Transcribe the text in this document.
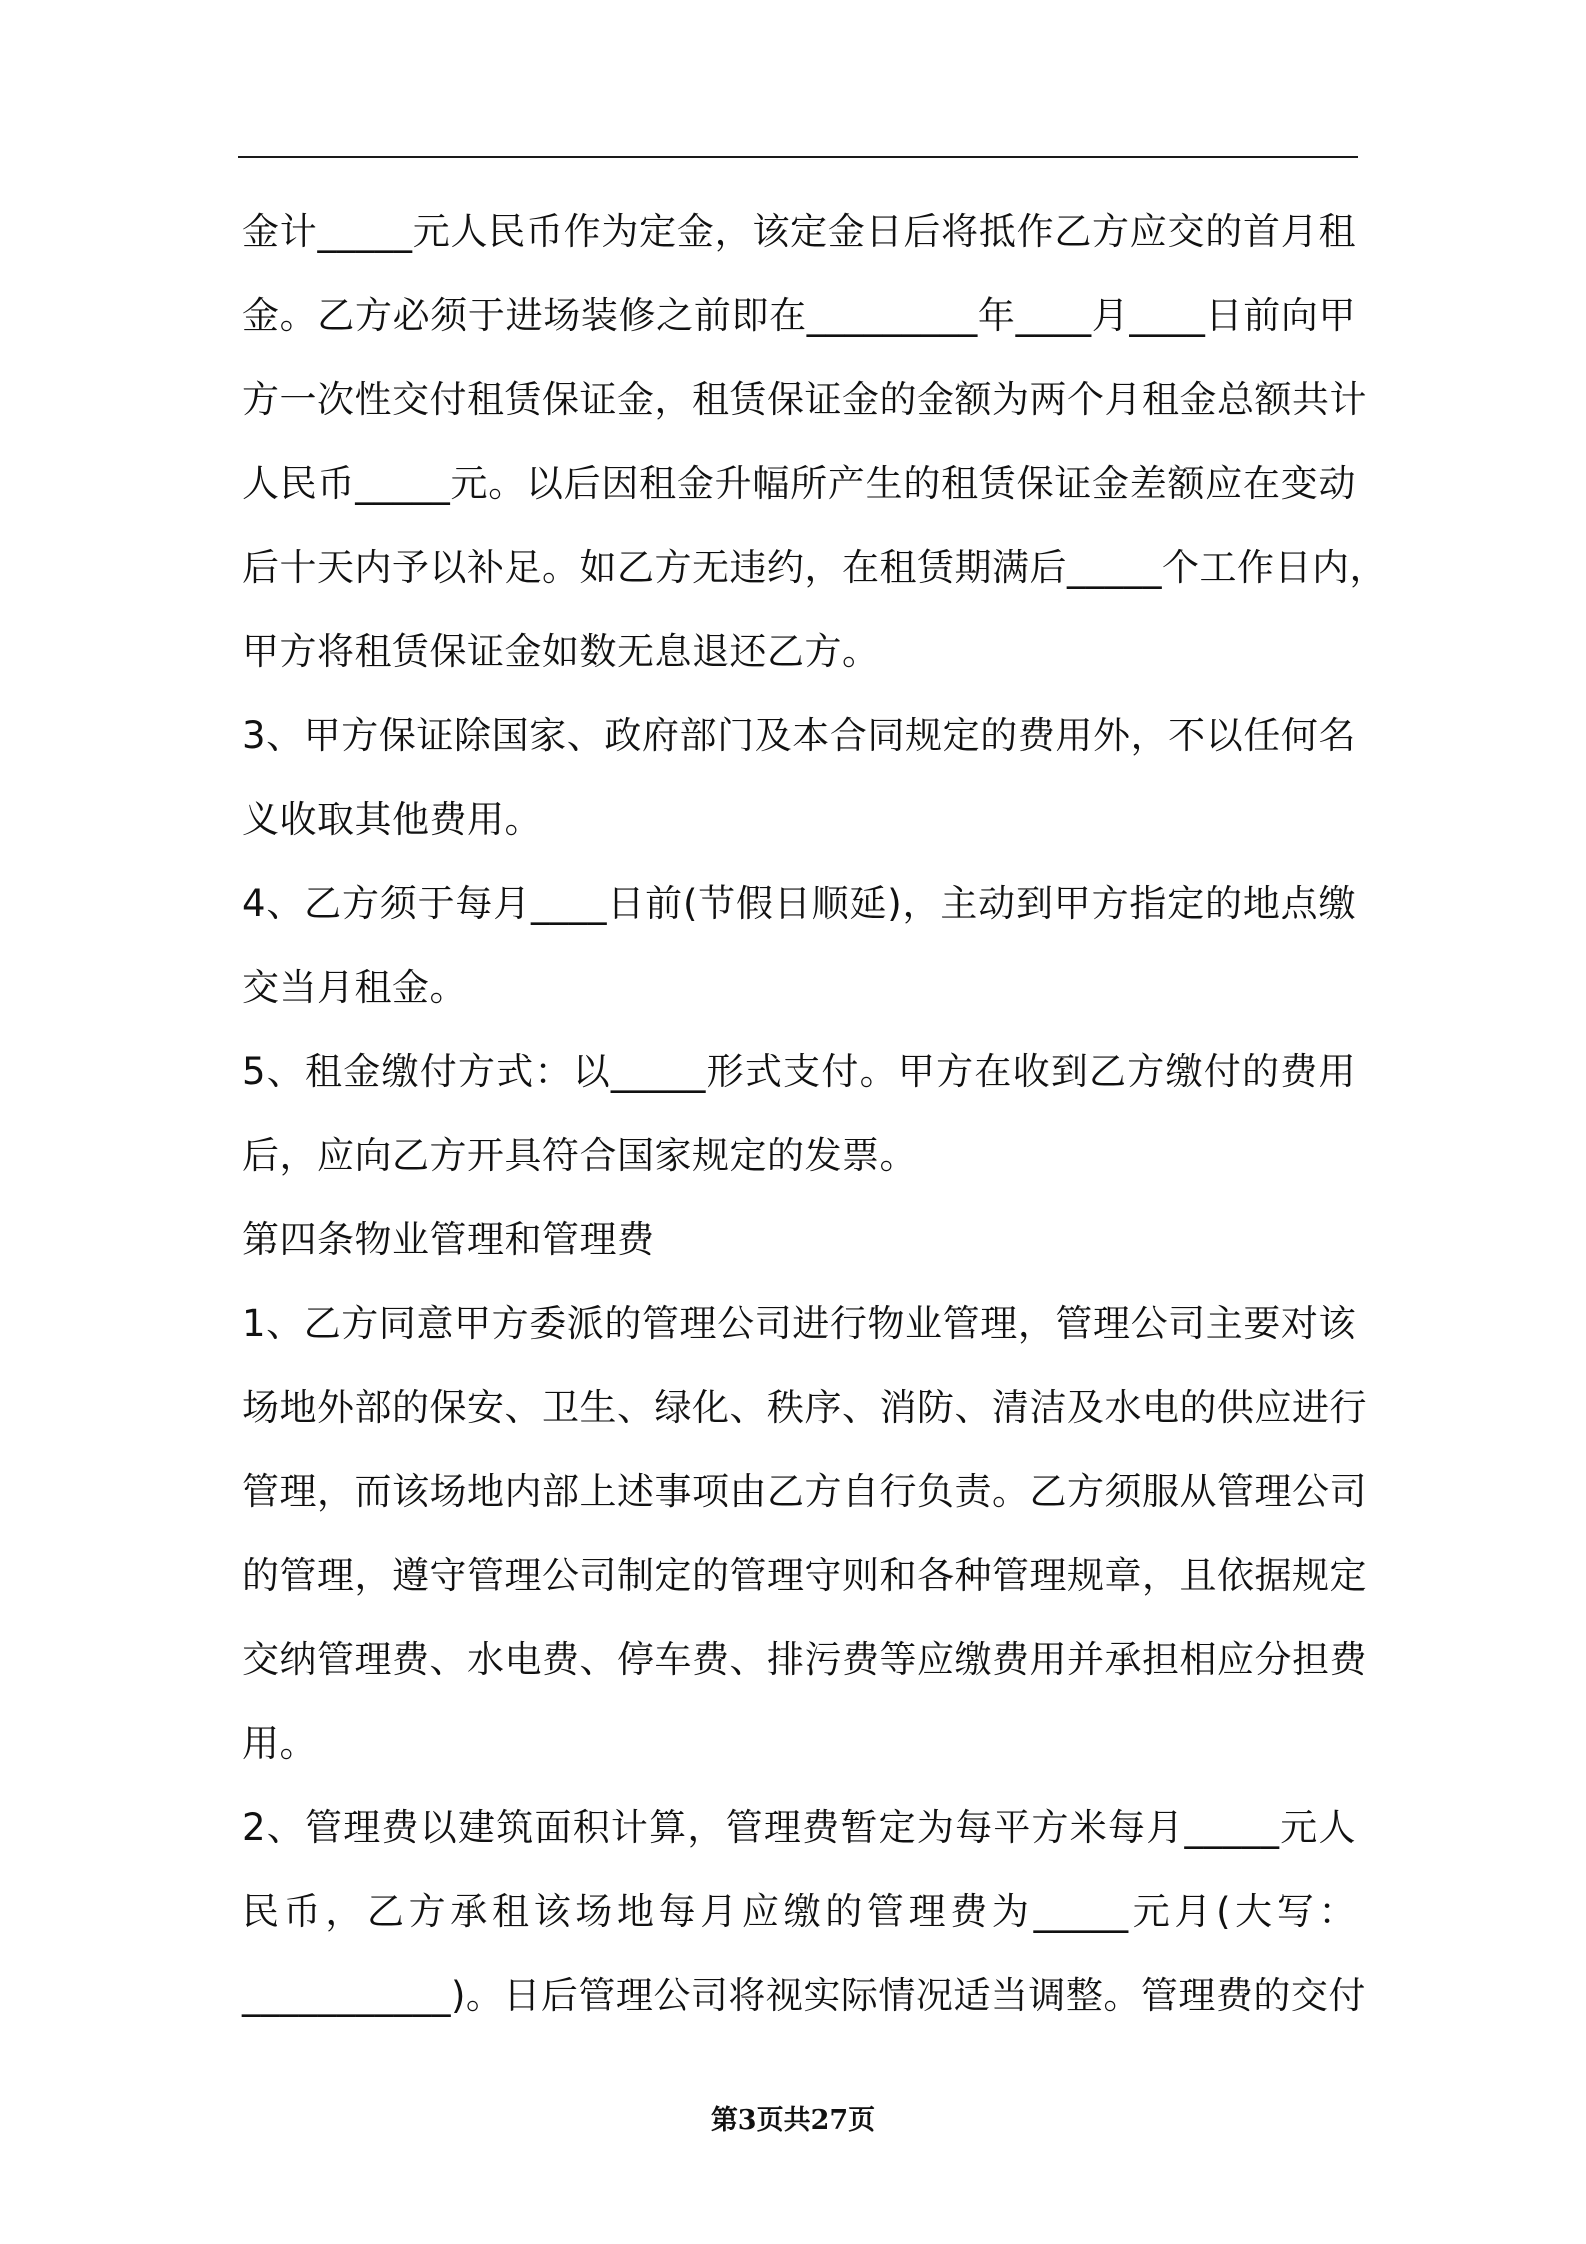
金计_____元人民币作为定金，该定金日后将抵作乙方应交的首月租
金。乙方必须于进场装修之前即在_________年____月____日前向甲
方一次性交付租赁保证金，租赁保证金的金额为两个月租金总额共计
人民币_____元。以后因租金升幅所产生的租赁保证金差额应在变动
后十天内予以补足。如乙方无违约，在租赁期满后_____个工作日内，
甲方将租赁保证金如数无息退还乙方。
3、甲方保证除国家、政府部门及本合同规定的费用外，不以任何名
义收取其他费用。
4、乙方须于每月____日前(节假日顺延)，主动到甲方指定的地点缴
交当月租金。
5、租金缴付方式：以_____形式支付。甲方在收到乙方缴付的费用
后，应向乙方开具符合国家规定的发票。
第四条物业管理和管理费
1、乙方同意甲方委派的管理公司进行物业管理，管理公司主要对该
场地外部的保安、卫生、绿化、秩序、消防、清洁及水电的供应进行
管理，而该场地内部上述事项由乙方自行负责。乙方须服从管理公司
的管理，遵守管理公司制定的管理守则和各种管理规章，且依据规定
交纳管理费、水电费、停车费、排污费等应缴费用并承担相应分担费
用。
2、管理费以建筑面积计算，管理费暂定为每平方米每月_____元人
民币，乙方承租该场地每月应缴的管理费为_____元月(大写：
___________)。日后管理公司将视实际情况适当调整。管理费的交付
第3页共27页
